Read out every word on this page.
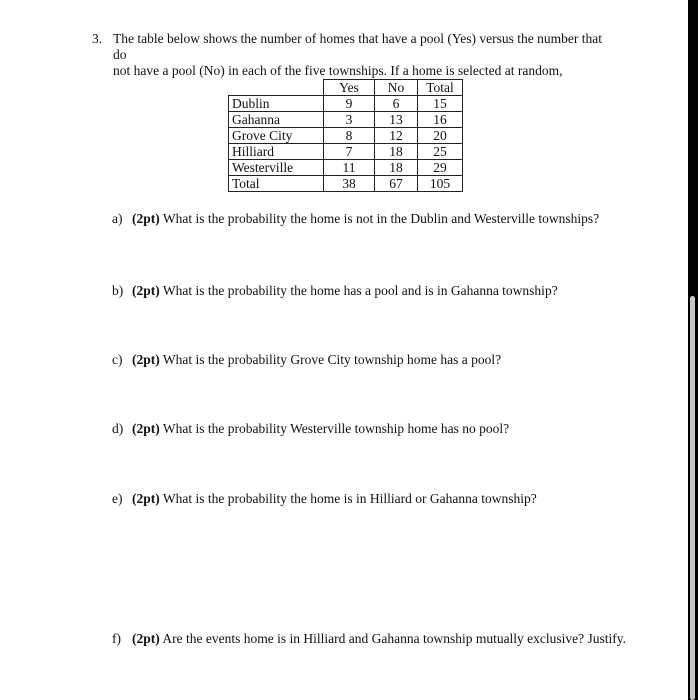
3. The table below shows the number of homes that have a pool (Yes) versus the number that do
not have a pool (No) in each of the five townships. If a home is selected at random,
	Yes	No	Total
Dublin	9	6	15
Gahanna	3	13	16
Grove City	8	12	20
Hilliard	7	18	25
Westerville	11	18	29
Total	38	67	105
a) (2pt) What is the probability the home is not in the Dublin and Westerville townships?
b) (2pt) What is the probability the home has a pool and is in Gahanna township?
c) (2pt) What is the probability Grove City township home has a pool?
d) (2pt) What is the probability Westerville township home has no pool?
e) (2pt) What is the probability the home is in Hilliard or Gahanna township?
f) (2pt) Are the events home is in Hilliard and Gahanna township mutually exclusive? Justify.
